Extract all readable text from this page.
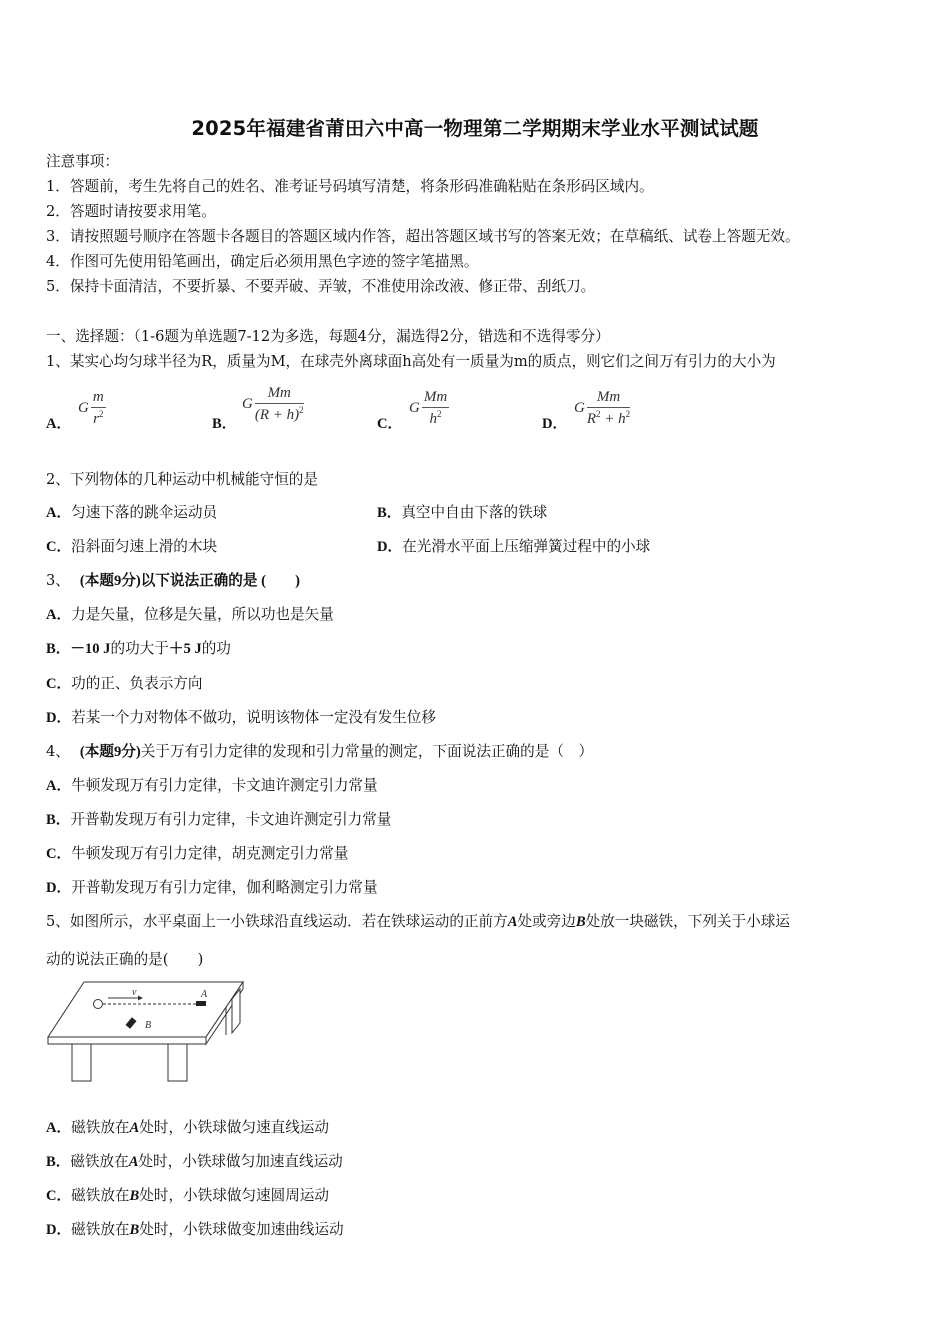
2025年福建省莆田六中高一物理第二学期期末学业水平测试试题
注意事项：
1．答题前，考生先将自己的姓名、准考证号码填写清楚，将条形码准确粘贴在条形码区域内。
2．答题时请按要求用笔。
3．请按照题号顺序在答题卡各题目的答题区域内作答，超出答题区域书写的答案无效；在草稿纸、试卷上答题无效。
4．作图可先使用铅笔画出，确定后必须用黑色字迹的签字笔描黑。
5．保持卡面清洁，不要折暴、不要弄破、弄皱，不准使用涂改液、修正带、刮纸刀。
一、选择题：（1-6题为单选题7-12为多选，每题4分，漏选得2分，错选和不选得零分）
1、某实心均匀球半径为R，质量为M，在球壳外离球面h高处有一质量为m的质点，则它们之间万有引力的大小为
A．
G $\frac{m}{r^2}$	B．
G $\frac{Mm}{(R + h)^2}$	C．
G $\frac{Mm}{h^2}$	D．
G $\frac{Mm}{R^2 + h^2}$
2、下列物体的几种运动中机械能守恒的是
A．匀速下落的跳伞运动员	B．真空中自由下落的铁球
C．沿斜面匀速上滑的木块	D．在光滑水平面上压缩弹簧过程中的小球
3、 (本题9分)以下说法正确的是 (　　)
A．力是矢量，位移是矢量，所以功也是矢量
B．－10 J的功大于＋5 J的功
C．功的正、负表示方向
D．若某一个力对物体不做功，说明该物体一定没有发生位移
4、 (本题9分)关于万有引力定律的发现和引力常量的测定，下面说法正确的是（　）
A．牛顿发现万有引力定律，卡文迪许测定引力常量
B．开普勒发现万有引力定律，卡文迪许测定引力常量
C．牛顿发现万有引力定律，胡克测定引力常量
D．开普勒发现万有引力定律，伽利略测定引力常量
5、如图所示，水平桌面上一小铁球沿直线运动．若在铁球运动的正前方A处或旁边B处放一块磁铁，下列关于小球运
动的说法正确的是(　　)
v	A
B
A．磁铁放在A处时，小铁球做匀速直线运动
B．磁铁放在A处时，小铁球做匀加速直线运动
C．磁铁放在B处时，小铁球做匀速圆周运动
D．磁铁放在B处时，小铁球做变加速曲线运动
